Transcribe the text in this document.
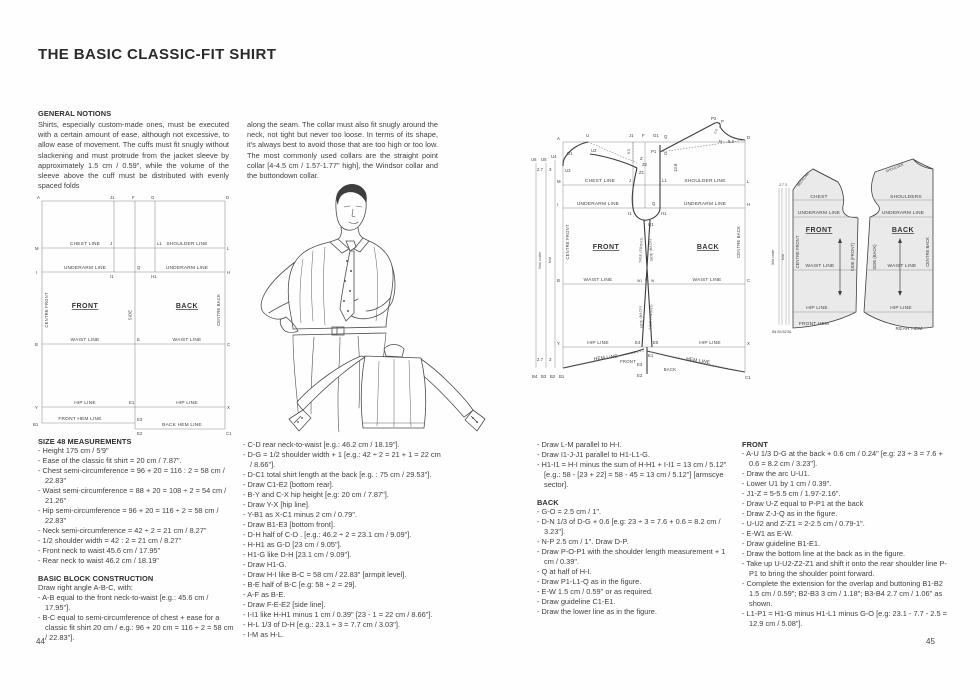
THE BASIC CLASSIC-FIT SHIRT
GENERAL NOTIONS
Shirts, especially custom-made ones, must be executed with a certain amount of ease, although not excessive, to allow ease of movement. The cuffs must fit snugly without slackening and must protrude from the jacket sleeve by approximately 1.5 cm / 0.59", while the volume of the sleeve above the cuff must be distributed with evenly spaced folds
along the seam. The collar must also fit snugly around the neck, not tight but never too loose. In terms of its shape, it's always best to avoid those that are too high or too low. The most commonly used collars are the straight point collar [4-4.5 cm / 1.57-1.77" high], the Windsor collar and the buttondown collar.
A	J1	F	G	D
M
J	L1
L
I
I1
Q
H1
H
B
E
C
Y
E1
X
B1
E3
E2	C1
CHEST LINE	SHOULDER LINE
UNDERARM LINE	UNDERARM LINE
WAIST LINE	WAIST LINE
HIP LINE	HIP LINE
FRONT HEM LINE
BACK HEM LINE
FRONT	BACK
SIDE
CENTRE FRONT	CENTRE BACK
A
U	J1 F G1 Q
P2
P
P1 O
N
D
M	J	L1	L
I
I1
Q
H1
H
Q1
B	C
W1 E W
Y	E4	E5	X
E1
E3
E2	C1
B4 B3 B2 B1
U6 U5
U4
U1
U2
U3
Z
Z2
Z1
2.7 3
2.7 3
8.2
2.5
5.5
13.8
CHEST LINE	SHOULDER LINE
UNDERARM LINE	UNDERARM LINE
WAIST LINE	WAIST LINE
HIP LINE	HIP LINE
HEM LINE	HEM LINE
FRONT
BACK
FRONT	BACK
CENTRE FRONT	CENTRE BACK
fold under fold	SIDE (FRONT) SIDE (BACK)
SIDE (BACK) SIDE (FRONT)
CHEST
UNDERARM LINE
WAIST LINE
HIP LINE
FRONT HEM
FRONT
CENTRE FRONT	SIDE (FRONT)
NECKLINE
fold under fold
2.7 3
B4 B3 B2 B1
SHOULDERS
UNDERARM LINE
WAIST LINE
HIP LINE
REAR HEM
BACK
CENTRE BACK
SIDE (BACK)
SHOULDER
SIZE 48 MEASUREMENTS
- Height 175 cm / 5'9"
- Ease of the classic fit shirt = 20 cm / 7.87".
- Chest semi-circumference = 96 + 20 = 116 : 2 = 58 cm / 22.83"
- Waist semi-circumference = 88 + 20 = 108 ÷ 2 = 54 cm / 21.26"
- Hip semi-circumference = 96 + 20 = 116 ÷ 2 = 58 cm / 22.83"
- Neck semi-circumference = 42 ÷ 2 = 21 cm / 8.27"
- 1/2 shoulder width = 42 : 2 = 21 cm / 8.27"
- Front neck to waist 45.6 cm / 17.95"
- Rear neck to waist 46.2 cm / 18.19"
BASIC BLOCK CONSTRUCTION
Draw right angle A-B-C, with:
- A-B equal to the front neck-to-waist [e.g.: 45.6 cm / 17.95"].
- B-C equal to semi-circumference of chest + ease for a classic fit shirt 20 cm / e.g.: 96 + 20 cm = 116 ÷ 2 = 58 cm / 22.83"].
- C-D rear neck-to-waist [e.g.: 46.2 cm / 18.19"].
- D-G = 1/2 shoulder width + 1 [e.g.: 42 ÷ 2 = 21 + 1 = 22 cm / 8.66"].
- D-C1 total shirt length at the back [e.g. : 75 cm / 29.53"].
- Draw C1-E2 [bottom rear].
- B-Y and C-X hip height [e.g: 20 cm / 7.87"].
- Draw Y-X [hip line].
- Y-B1 as X-C1 minus 2 cm / 0.79".
- Draw B1-E3 [bottom front].
- D-H half of C-D . [e.g.: 46.2 ÷ 2 = 23.1 cm / 9.09"].
- H-H1 as G-D [23 cm / 9.05"].
- H1-G like D-H [23.1 cm / 9.09"].
- Draw H1-G.
- Draw H-I like B-C = 58 cm / 22.83" [armpit level].
- B-E half of B-C [e.g: 58 ÷ 2 = 29].
- A-F as B-E.
- Draw F-E-E2 [side line].
- I-I1 like H-H1 minus 1 cm / 0.39" [23 - 1 = 22 cm / 8.66"].
- H-L 1/3 of D-H [e.g.: 23.1 ÷ 3 = 7.7 cm / 3.03"].
- I-M as H-L.
- Draw L-M parallel to H-I.
- Draw I1-J-J1 parallel to H1-L1-G.
- H1-I1 = H-I minus the sum of H-H1 + I-I1 = 13 cm / 5.12" [e.g.: 58 - [23 + 22] = 58 - 45 = 13 cm / 5.12"] [armscye sector].
BACK
- G-O = 2.5 cm / 1".
- D-N 1/3 of D-G + 0.6 [e.g: 23 ÷ 3 = 7.6 + 0.6 = 8.2 cm / 3.23"].
- N-P 2.5 cm / 1". Draw D-P.
- Draw P-O-P1 with the shoulder length measurement + 1 cm / 0.39".
- Q at half of H-I.
- Draw P1-L1-Q as in the figure.
- E-W 1.5 cm / 0.59" or as required.
- Draw guideline C1-E1.
- Draw the lower line as in the figure.
FRONT
- A-U 1/3 D-G at the back + 0.6 cm / 0.24" [e.g: 23 ÷ 3 = 7.6 + 0.6 = 8.2 cm / 3.23"].
- Draw the arc U-U1.
- Lower U1 by 1 cm / 0.39".
- J1-Z = 5-5.5 cm / 1.97-2.16".
- Draw U-Z equal to P-P1 at the back
- Draw Z-J-Q as in the figure.
- U-U2 and Z-Z1 = 2-2.5 cm / 0.79-1".
- E-W1 as E-W.
- Draw guideline B1-E1.
- Draw the bottom line at the back as in the figure.
- Take up U-U2-Z2-Z1 and shift it onto the rear shoulder line P-P1 to bring the shoulder point forward.
- Complete the extension for the overlap and buttoning B1-B2 1.5 cm / 0.59"; B2-B3 3 cm / 1.18"; B3-B4 2.7 cm / 1.06" as shown.
- L1-P1 = H1-G minus H1-L1 minus G-O [e.g: 23.1 - 7.7 - 2.5 = 12.9 cm / 5.08"].
44	45
